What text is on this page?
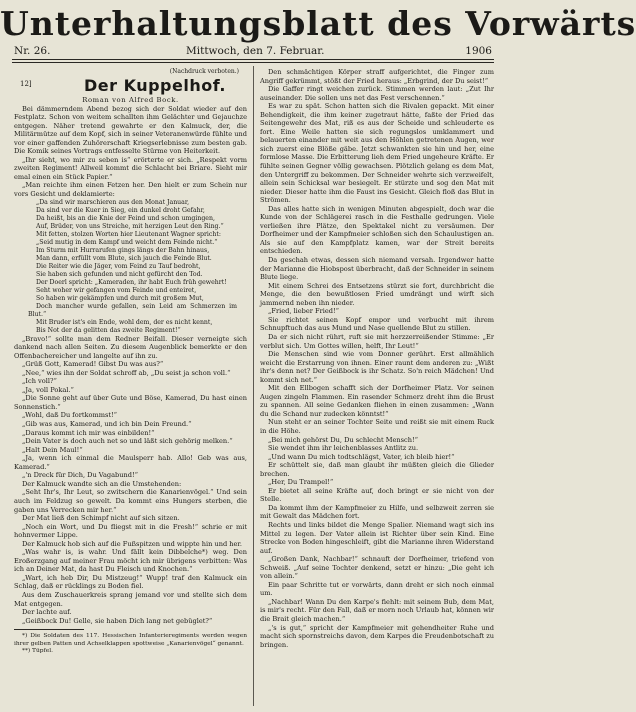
Unterhaltungsblatt des Vorwärts
Nr. 26.	Mittwoch, den 7. Februar.	1906

(Nachdruck verboten.)

12]	Der Kuppelhof.

Roman von Alfred Bock.

Bei dämmerndem Abend bezog sich der Soldat wieder auf den Festplatz. Schon von weitem schallten ihm Gelächter und Gejauchze entgegen. Näher tretend gewahrte er den Kalmuck, der, die Militärmütze auf dem Kopf, sich in seiner Veteranenwürde fühlte und vor einer gaffenden Zuhörerschaft Kriegserlebnisse zum besten gab. Die Komik seines Vortrags entfesselte Stürme von Heiterkeit.

„Ihr sieht, wo mir zu seben is“ erörterte er sich. „Respekt vorm zweiten Regiment! Allweil kommt die Schlacht bei Briare. Sieht mir emal einen ein Stück Papier.“

„Man reichte ihm einen Fetzen her. Den hielt er zum Schein nur vors Gesicht und deklamierte:

„Da sind wir marschieren aus den Monat Januar,
Da sind ver die Kuer in Sieg, ein dunkel droht Gefahr,
Da heißt, bis an die Knie der Feind und schon umgingen,
Auf, Brüder, von uns Streiche, mit herzigen Leut den Ring.“
Mit fetten, stolzen Worten hier Lieutenant Wagner spricht:
„Seid mutig in dem Kampf und weicht dem Feinde nicht.“
Im Sturm mit Hurrarufen gings längs der Bahn hinaus,
Man dann, erfüllt vom Blute, sich jauch die Feinde Blut.
Die Reiter wie die Jäger, vom Feind zu Tauf bedroht,
Sie haben sich gefunden und nicht gefürcht den Tod.
Der Doerl spricht: „Kameraden, ihr habt Euch früh gewehrt!
Seht woher wir gefangen vom Feinde und enteiret,
So haben wir gekämpfen und durch mit großem Mut,
Doch mancher wurde gefallen, sein Leid am Schmerzen im Blut.“
Mit Bruder ist's ein Ende, wohl dem, der es nicht kennt,
Bis Not der da gelitten das zweite Regiment!“

„Bravo!“ sollte man dem Redner Beifall. Dieser verneigte sich dankend nach allen Seiten. Zu diesem Augenblick bemerkte er den Offenbachereicher und langelte auf ihn zu.

„Grüß Gott, Kamerad! Gibst Du was aus?“

„Nee,“ wies ihn der Soldat schroff ab, „Du seist ja schon voll.“

„Ich voll?“

„Ja, voll Pokal.“

„Die Sonne geht auf über Gute und Böse, Kamerad, Du hast einen Sonnenstich.“

„Wohl, daß Du fortkommst!“

„Gib was aus, Kamerad, und ich bin Dein Freund.“

„Daraus kommt ich mir was einbilden!“

„Dein Vater is doch auch net so und läßt sich gehörig melken.“

„Halt Dein Maul!“

„Ja, wenn ich einmal die Maulsperr hab. Allo! Geb was aus, Kamerad.“

„'n Dreck für Dich, Du Vagabund!“

Der Kalmuck wandte sich an die Umstehenden:

„Seht Ihr's, Ihr Leut, so zwitschern die Kanarienvögel.“ Und sein auch im Feldzug so gewelt. Da kommt eins Hungers sterben, die gaben uns Verrecken mir her.“

Der Mat ließ den Schimpf nicht auf sich sitzen.

„Noch ein Wort, und Du fliegst mit in die Fresh!“ schrie er mit hohnvermer Lippe.

Der Kalmuck hob sich auf die Fußspitzen und wippte hin und her.

„Was wahr is, is wahr. Und fällt kein Dibbelche*) weg. Den Eroßerzgang auf meiner Frau möcht ich mir übrigens verbitten: Was ich an Deiner Mat, da hast Du Fleisch und Knochen.“

„Wart, ich heb Dir, Du Mistzeug!“ Wupp! traf den Kalmuck ein Schlag, daß er rücklings zu Boden fiel.

Aus dem Zuschauerkreis sprang jemand vor und stellte sich dem Mat entgegen.

Der lachte auf.

„Geißbock Du! Gelle, sie haben Dich lang net gebüglet?“

*) Die Soldaten des 117. Hessischen Infanterieregiments werden wegen ihrer gelben Patten und Achselklappen spottweise „Kanarienvögel“ genannt.

**) Tüpfel.

Den schmächtigen Körper straff aufgerichtet, die Finger zum Angriff gekrümmt, stößt der Fried heraus: „Erbgrind, der Du seist!“

Die Gaffer ringt weichen zurück. Stimmen werden laut: „Zut Ihr auseinander. Die sollen uns net das Fest verschennen.“

Es war zu spät. Schon hatten sich die Rivalen gepackt. Mit einer Behendigkeit, die ihm keiner zugetraut hätte, faßte der Fried das Seitengewehr des Mat, riß es aus der Scheide und schleuderte es fort. Eine Weile hatten sie sich regungslos umklammert und belauerten einander mit weit aus den Höhlen getretenen Augen, wer sich zuerst eine Blöße gäbe. Jetzt schwankten sie hin und her, eine formlose Masse. Die Erbitterung lieh dem Fried ungeheure Kräfte. Er fühlte seinen Gegner völlig gewachsen. Plötzlich gelang es dem Mat, den Untergriff zu bekommen. Der Schneider wehrte sich verzweifelt, allein sein Schicksal war besiegelt. Er stürzte und sog den Mat mit nieder. Dieser hatte ihm die Faust ins Gesicht. Gleich floß das Blut in Strömen.

Das alles hatte sich in wenigen Minuten abgespielt, doch war die Kunde von der Schlägerei rasch in die Festhalle gedrungen. Viele verließen ihre Plätze, den Spektakel nicht zu versäumen. Der Dorfheimer und der Kampfmeier schloßen sich den Schaulustigen an. Als sie auf den Kampfplatz kamen, war der Streit bereits entschieden.

Da geschah etwas, dessen sich niemand versah. Irgendwer hatte der Marianne die Hiobspost überbracht, daß der Schneider in seinem Blute liege.

Mit einem Schrei des Entsetzens stürzt sie fort, durchbricht die Menge, die den bewußtlosen Fried umdrängt und wirft sich jammernd neben ihn nieder.

„Fried, lieber Fried!“

Sie richtet seinen Kopf empor und verbucht mit ihrem Schnupftuch das aus Mund und Nase quellende Blut zu stillen.

Da er sich nicht rührt, ruft sie mit herzzerreißender Stimme: „Er verblut sich. Um Gottes willen, helft, Ihr Leut!“

Die Menschen sind wie vom Donner gerührt. Erst allmählich weicht die Erstarrung von ihnen. Einer raunt dem anderen zu: „Wißt ihr's denn net? Der Geißbock is ihr Schatz. So'n reich Mädchen! Und kommt sich net.“

Mit den Ellbogen schafft sich der Dorfheimer Platz. Vor seinen Augen zingeln Flammen. Ein rasender Schmerz dreht ihm die Brust zu spannen. All seine Gedanken fliehen in einen zusammen: „Wann du die Schand nur zudecken könntst!“

Nun steht er an seiner Tochter Seite und reißt sie mit einem Ruck in die Höhe.

„Bei mich gehörst Du, Du schlecht Mensch!“

Sie wendet ihm ihr leichenblasses Antlitz zu.

„Und wann Du mich todtschlägst, Vater, ich bleib hier!“

Er schüttelt sie, daß man glaubt ihr müßten gleich die Glieder brechen.

„Her, Du Trampel!“

Er bietet all seine Kräfte auf, doch bringt er sie nicht von der Stelle.

Da kommt ihm der Kampfmeier zu Hilfe, und selbzweit zerren sie mit Gewalt das Mädchen fort.

Rechts und links bildet die Menge Spalier. Niemand wagt sich ins Mittel zu legen. Der Vater allein ist Richter über sein Kind. Eine Strecke von Boden hingeschleift, gibt die Marianne ihren Widerstand auf.

„Großen Dank, Nachbar!“ schnauft der Dorfheimer, triefend von Schweiß. „Auf seine Tochter denkend, setzt er hinzu: „Die geht ich von allein.“

Ein paar Schritte tut er vorwärts, dann dreht er sich noch einmal um.

„Nachbar! Wann Du den Karpe's fiehlt: mit seinem Bub, dem Mat, is mir's recht. Für den Fall, daß er morn noch Urlaub hat, können wir die Brait gleich machen.“

„'s is gut,“ spricht der Kampfmeier mit gehendheiter Ruhe und macht sich spornstreichs davon, dem Karpes die Freudenbotschaft zu bringen.
